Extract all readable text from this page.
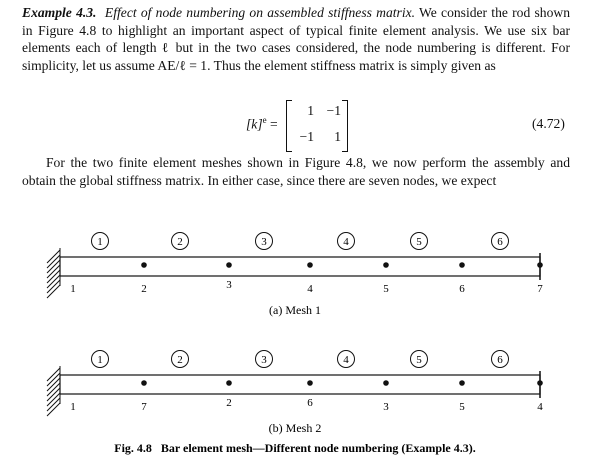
Example 4.3. Effect of node numbering on assembled stiffness matrix. We consider the rod shown in Figure 4.8 to highlight an important aspect of typical finite element analysis. We use six bar elements each of length ℓ but in the two cases considered, the node numbering is different. For simplicity, let us assume AE/ℓ = 1. Thus the element stiffness matrix is simply given as

$[k]^e$ =
1 −1
−1	1
(4.72)

For the two finite element meshes shown in Figure 4.8, we now perform the assembly and obtain the global stiffness matrix. In either case, since there are seven nodes, we expect

1	2	3	4	5	6
1	2	3	4	5	6	7
(a) Mesh 1
1	2	3	4	5	6
1	7	2	6	3	5	4
(b) Mesh 2
Fig. 4.8   Bar element mesh—Different node numbering (Example 4.3).
